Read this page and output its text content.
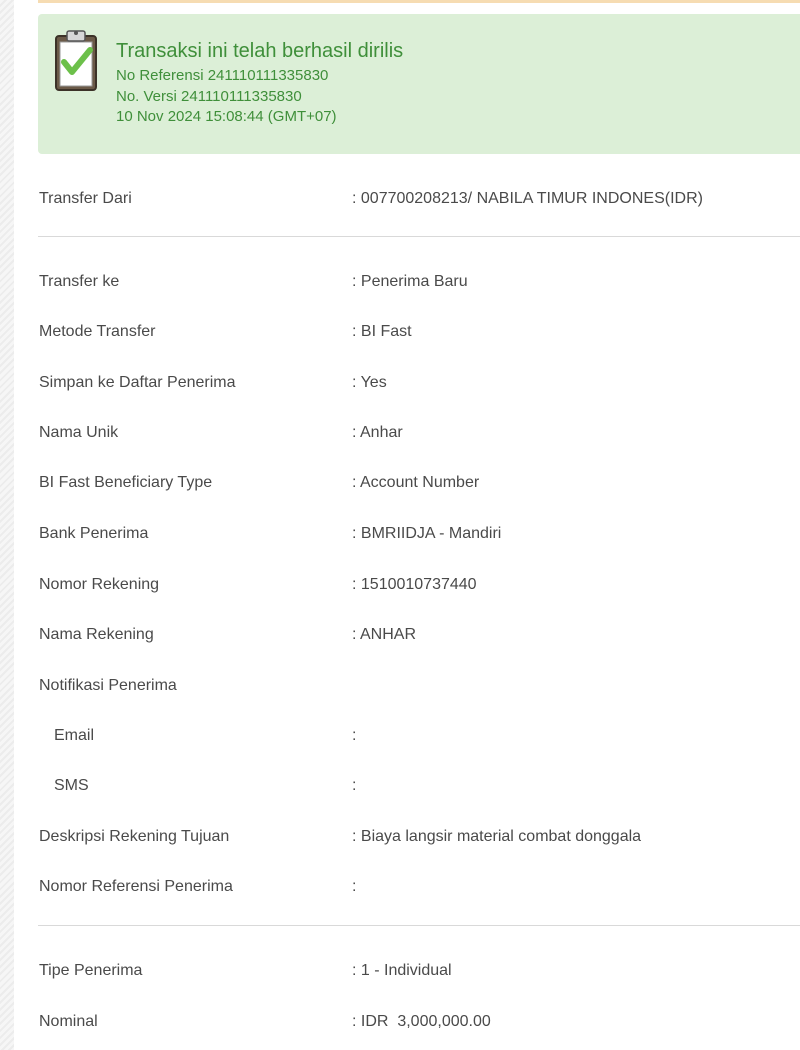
Transaksi ini telah berhasil dirilis
No Referensi 241110111335830
No. Versi 241110111335830
10 Nov 2024 15:08:44 (GMT+07)
Transfer Dari	: 007700208213/ NABILA TIMUR INDONES(IDR)
Transfer ke	: Penerima Baru
Metode Transfer	: BI Fast
Simpan ke Daftar Penerima	: Yes
Nama Unik	: Anhar
BI Fast Beneficiary Type	: Account Number
Bank Penerima	: BMRIIDJA - Mandiri
Nomor Rekening	: 1510010737440
Nama Rekening	: ANHAR
Notifikasi Penerima
Email	:
SMS	:
Deskripsi Rekening Tujuan	: Biaya langsir material combat donggala
Nomor Referensi Penerima	:
Tipe Penerima	: 1 - Individual
Nominal	: IDR  3,000,000.00
